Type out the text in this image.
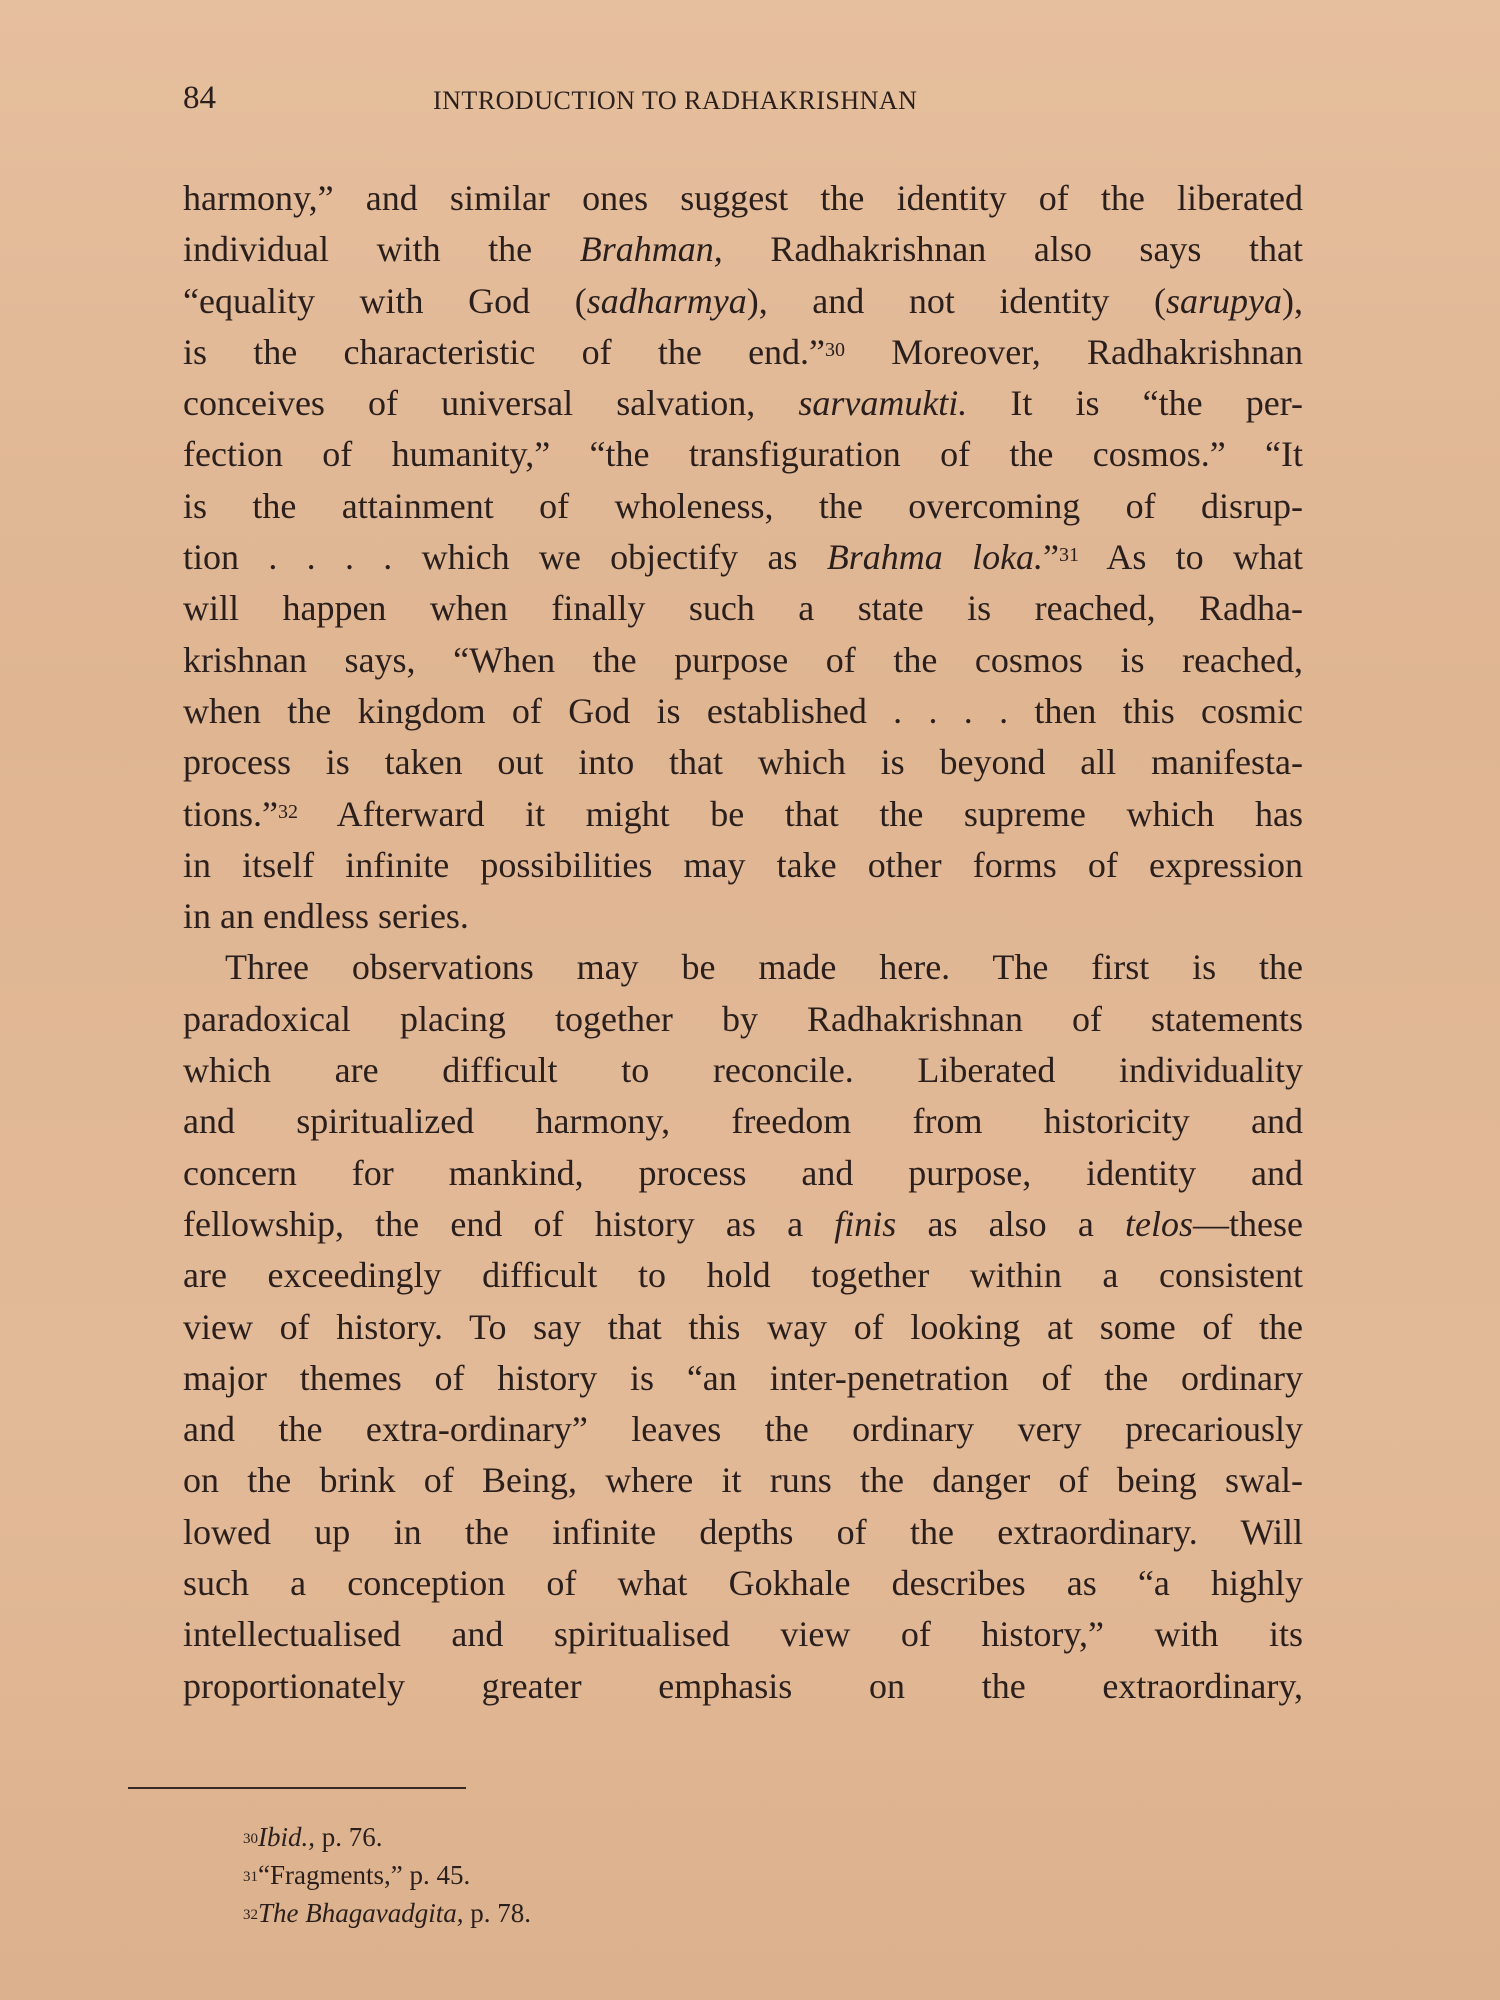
84	INTRODUCTION TO RADHAKRISHNAN
harmony,” and similar ones suggest the identity of the liberated
individual with the Brahman, Radhakrishnan also says that
“equality with God (sadharmya), and not identity (sarupya),
is the characteristic of the end.”$^{30}$ Moreover, Radhakrishnan
conceives of universal salvation, sarvamukti. It is “the per-
fection of humanity,” “the transfiguration of the cosmos.” “It
is the attainment of wholeness, the overcoming of disrup-
tion . . . . which we objectify as Brahma loka.”$^{31}$ As to what
will happen when finally such a state is reached, Radha-
krishnan says, “When the purpose of the cosmos is reached,
when the kingdom of God is established . . . . then this cosmic
process is taken out into that which is beyond all manifesta-
tions.”$^{32}$ Afterward it might be that the supreme which has
in itself infinite possibilities may take other forms of expression
in an endless series.
Three observations may be made here. The first is the
paradoxical placing together by Radhakrishnan of statements
which are difficult to reconcile. Liberated individuality
and spiritualized harmony, freedom from historicity and
concern for mankind, process and purpose, identity and
fellowship, the end of history as a finis as also a telos—these
are exceedingly difficult to hold together within a consistent
view of history. To say that this way of looking at some of the
major themes of history is “an inter-penetration of the ordinary
and the extra-ordinary” leaves the ordinary very precariously
on the brink of Being, where it runs the danger of being swal-
lowed up in the infinite depths of the extraordinary. Will
such a conception of what Gokhale describes as “a highly
intellectualised and spiritualised view of history,” with its
proportionately greater emphasis on the extraordinary,
$^{30}$Ibid., p. 76.
$^{31}$“Fragments,” p. 45.
$^{32}$The Bhagavadgita, p. 78.
